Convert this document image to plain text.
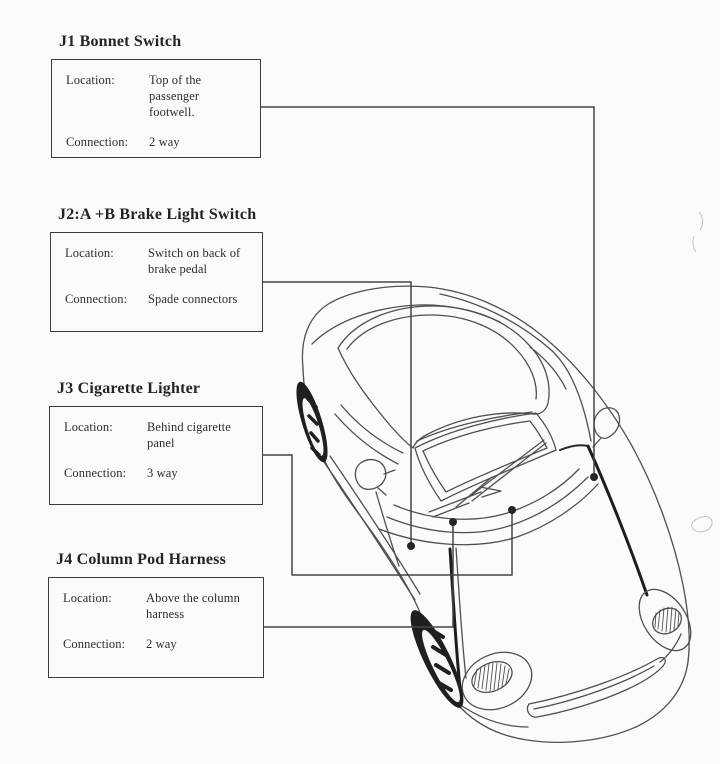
J1 Bonnet Switch
Location:	Top of the passenger
footwell.
Connection:	2 way
J2:A +B Brake Light Switch
Location:	Switch on back of
brake pedal
Connection:	Spade connectors
J3 Cigarette Lighter
Location:	Behind cigarette
panel
Connection:	3 way
J4 Column Pod Harness
Location:	Above the column
harness
Connection:	2 way
